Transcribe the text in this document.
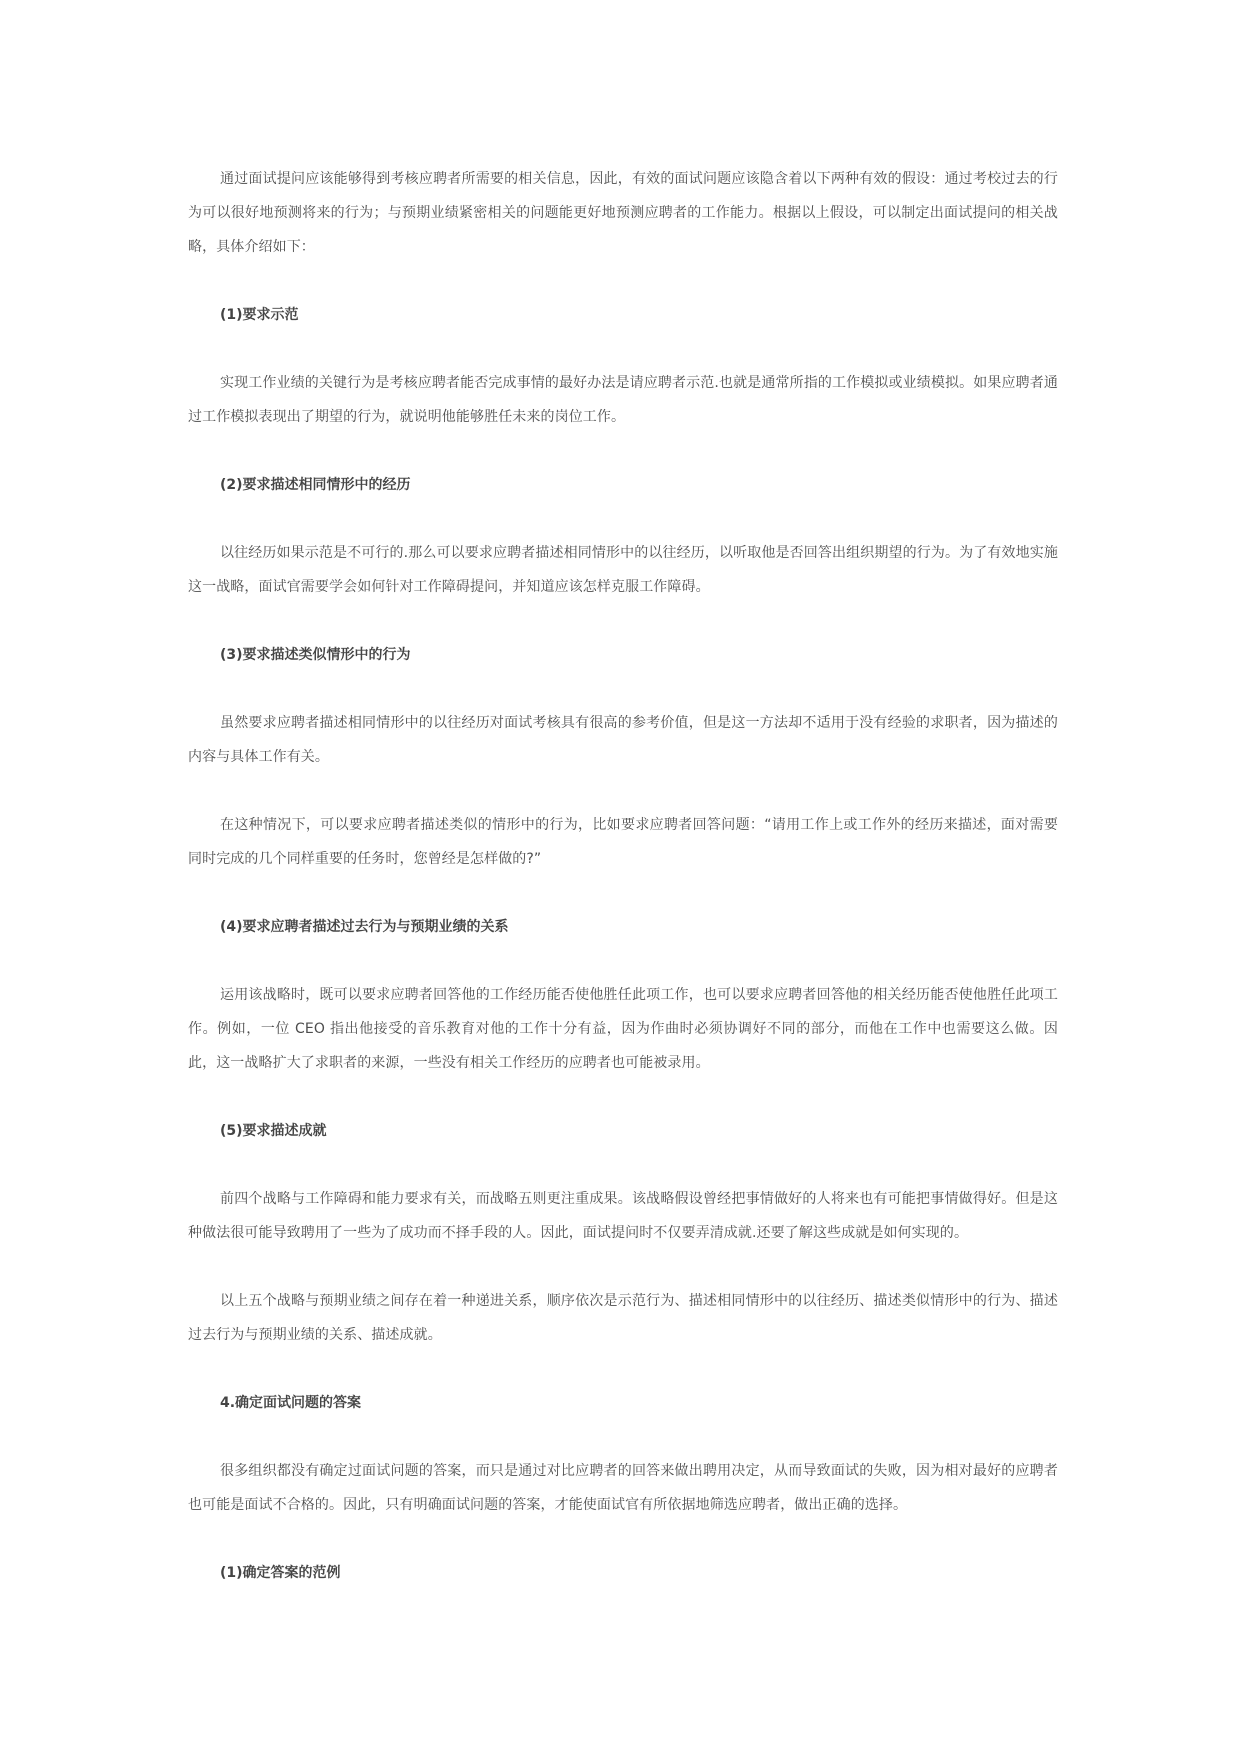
通过面试提问应该能够得到考核应聘者所需要的相关信息，因此，有效的面试问题应该隐含着以下两种有效的假设：通过考校过去的行为可以很好地预测将来的行为；与预期业绩紧密相关的问题能更好地预测应聘者的工作能力。根据以上假设，可以制定出面试提问的相关战略，具体介绍如下：

(1)要求示范

实现工作业绩的关键行为是考核应聘者能否完成事情的最好办法是请应聘者示范.也就是通常所指的工作模拟或业绩模拟。如果应聘者通过工作模拟表现出了期望的行为，就说明他能够胜任未来的岗位工作。

(2)要求描述相同情形中的经历

以往经历如果示范是不可行的.那么可以要求应聘者描述相同情形中的以往经历，以听取他是否回答出组织期望的行为。为了有效地实施这一战略，面试官需要学会如何针对工作障碍提问，并知道应该怎样克服工作障碍。

(3)要求描述类似情形中的行为

虽然要求应聘者描述相同情形中的以往经历对面试考核具有很高的参考价值，但是这一方法却不适用于没有经验的求职者，因为描述的内容与具体工作有关。

在这种情况下，可以要求应聘者描述类似的情形中的行为，比如要求应聘者回答问题：“请用工作上或工作外的经历来描述，面对需要同时完成的几个同样重要的任务时，您曾经是怎样做的?”

(4)要求应聘者描述过去行为与预期业绩的关系

运用该战略时，既可以要求应聘者回答他的工作经历能否使他胜任此项工作，也可以要求应聘者回答他的相关经历能否使他胜任此项工作。例如，一位 CEO 指出他接受的音乐教育对他的工作十分有益，因为作曲时必须协调好不同的部分，而他在工作中也需要这么做。因此，这一战略扩大了求职者的来源，一些没有相关工作经历的应聘者也可能被录用。

(5)要求描述成就

前四个战略与工作障碍和能力要求有关，而战略五则更注重成果。该战略假设曾经把事情做好的人将来也有可能把事情做得好。但是这种做法很可能导致聘用了一些为了成功而不择手段的人。因此，面试提问时不仅要弄清成就.还要了解这些成就是如何实现的。

以上五个战略与预期业绩之间存在着一种递进关系，顺序依次是示范行为、描述相同情形中的以往经历、描述类似情形中的行为、描述过去行为与预期业绩的关系、描述成就。

4.确定面试问题的答案

很多组织都没有确定过面试问题的答案，而只是通过对比应聘者的回答来做出聘用决定，从而导致面试的失败，因为相对最好的应聘者也可能是面试不合格的。因此，只有明确面试问题的答案，才能使面试官有所依据地筛选应聘者，做出正确的选择。

(1)确定答案的范例
